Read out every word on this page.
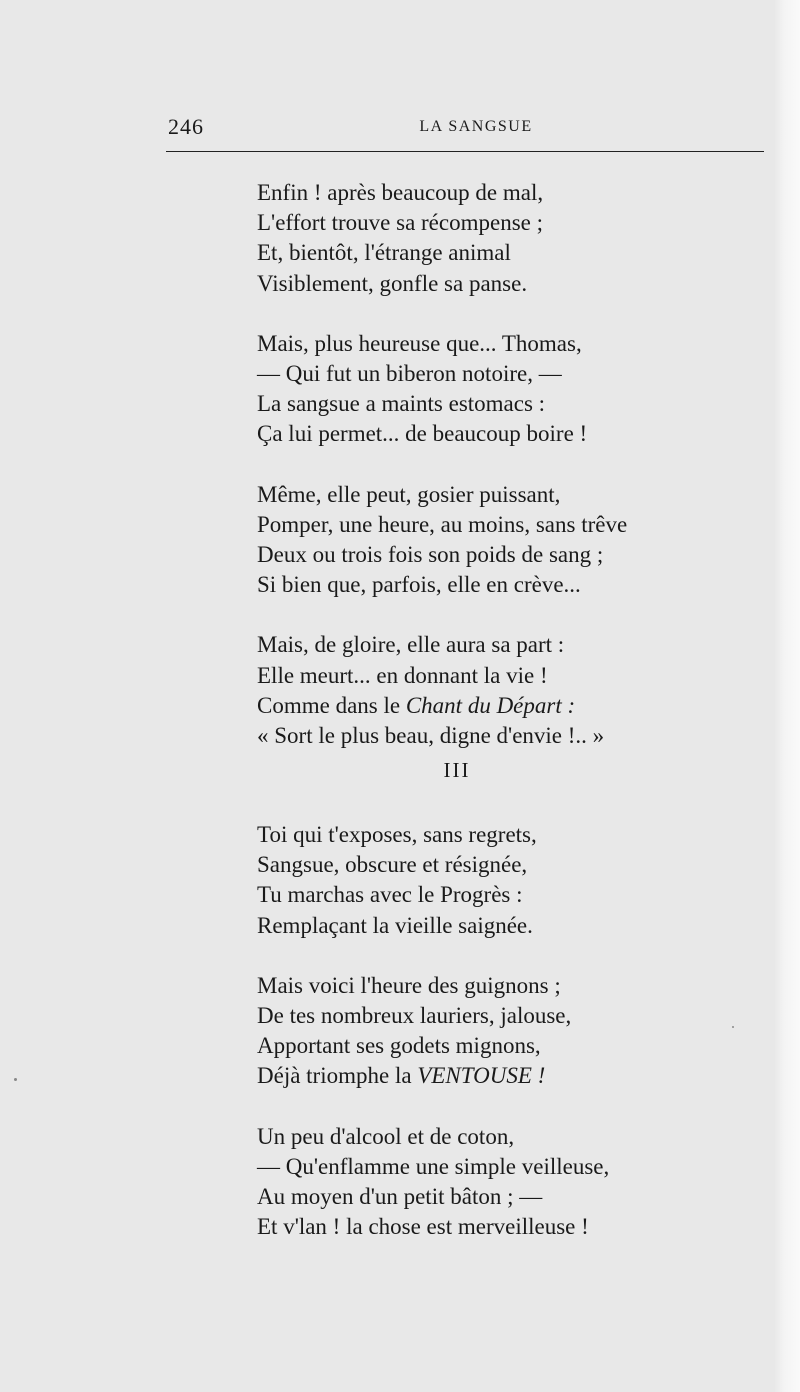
246	LA SANGSUE
Enfin ! après beaucoup de mal,
L'effort trouve sa récompense ;
Et, bientôt, l'étrange animal
Visiblement, gonfle sa panse.
Mais, plus heureuse que... Thomas,
— Qui fut un biberon notoire, —
La sangsue a maints estomacs :
Ça lui permet... de beaucoup boire !
Même, elle peut, gosier puissant,
Pomper, une heure, au moins, sans trêve
Deux ou trois fois son poids de sang ;
Si bien que, parfois, elle en crève...
Mais, de gloire, elle aura sa part :
Elle meurt... en donnant la vie !
Comme dans le Chant du Départ :
« Sort le plus beau, digne d'envie !.. »
III
Toi qui t'exposes, sans regrets,
Sangsue, obscure et résignée,
Tu marchas avec le Progrès :
Remplaçant la vieille saignée.
Mais voici l'heure des guignons ;
De tes nombreux lauriers, jalouse,
Apportant ses godets mignons,
Déjà triomphe la VENTOUSE !
Un peu d'alcool et de coton,
— Qu'enflamme une simple veilleuse,
Au moyen d'un petit bâton ; —
Et v'lan ! la chose est merveilleuse !
